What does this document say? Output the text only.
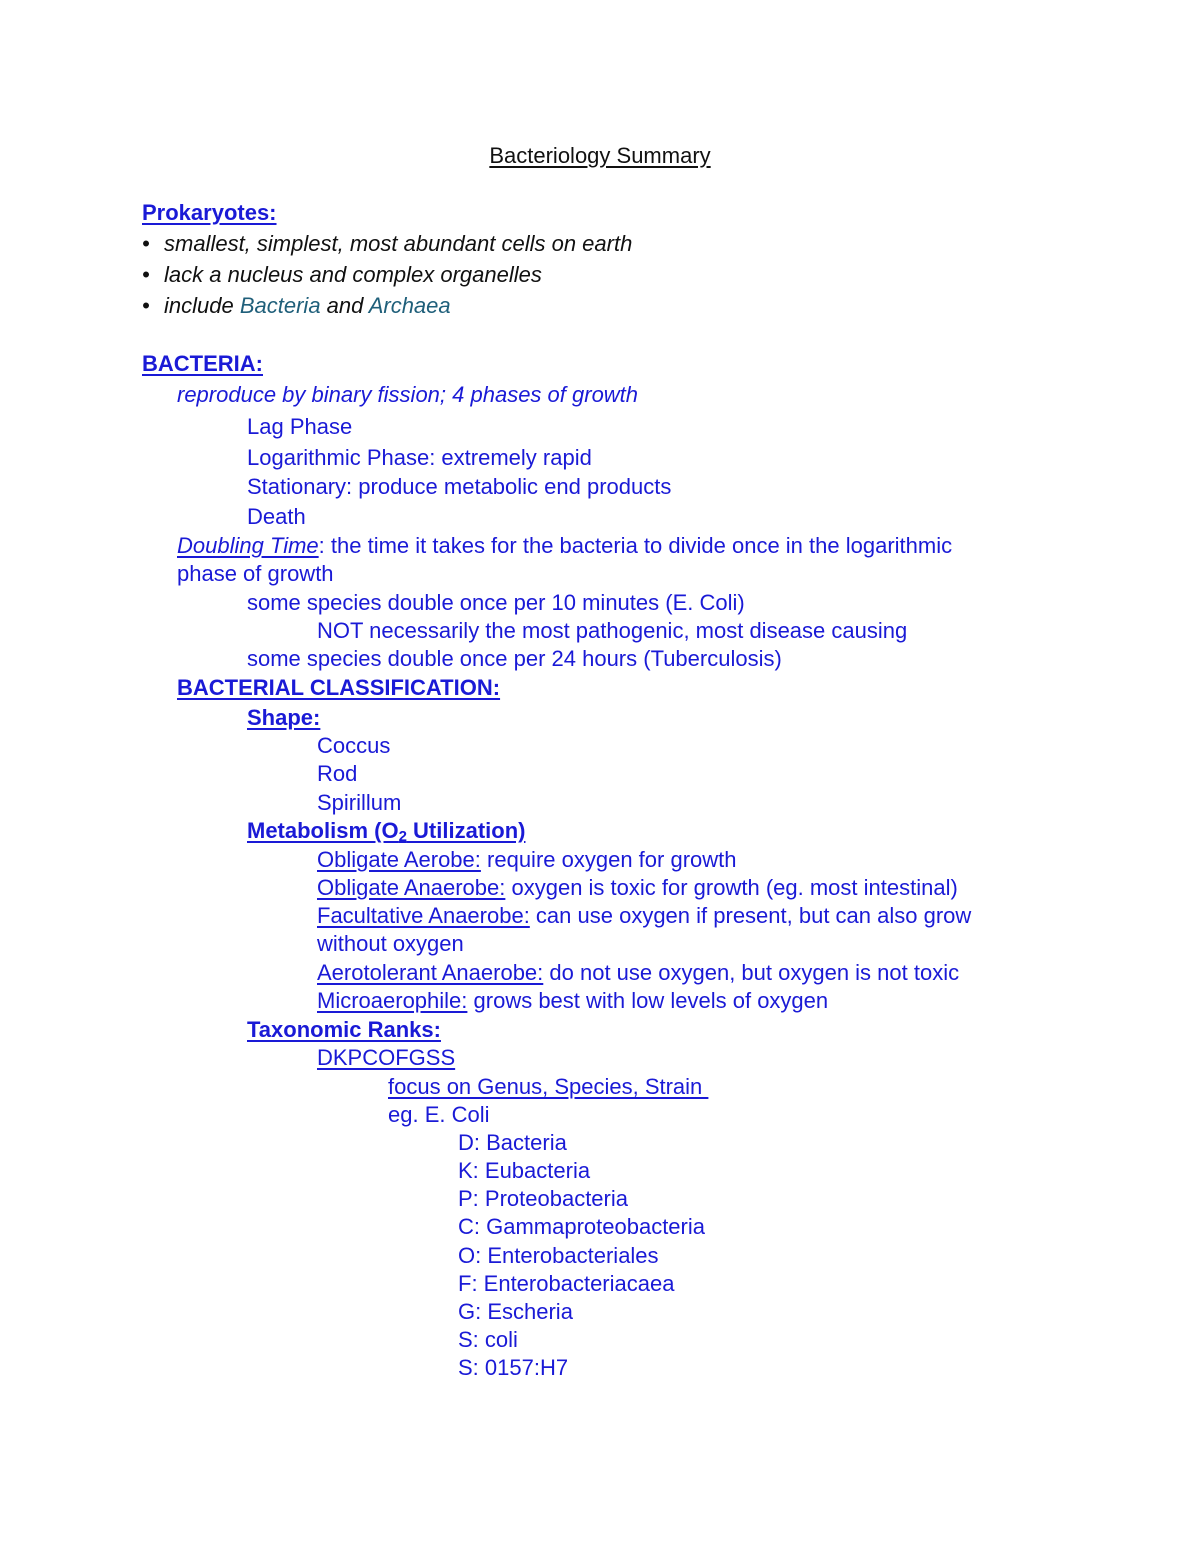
Bacteriology Summary
Prokaryotes:
• smallest, simplest, most abundant cells on earth
• lack a nucleus and complex organelles
• include Bacteria and Archaea
BACTERIA:
reproduce by binary fission; 4 phases of growth
Lag Phase
Logarithmic Phase: extremely rapid
Stationary: produce metabolic end products
Death
Doubling Time: the time it takes for the bacteria to divide once in the logarithmic
phase of growth
some species double once per 10 minutes (E. Coli)
NOT necessarily the most pathogenic, most disease causing
some species double once per 24 hours (Tuberculosis)
BACTERIAL CLASSIFICATION:
Shape:
Coccus
Rod
Spirillum
Metabolism ($O_2$ Utilization)
Obligate Aerobe: require oxygen for growth
Obligate Anaerobe: oxygen is toxic for growth (eg. most intestinal)
Facultative Anaerobe: can use oxygen if present, but can also grow
without oxygen
Aerotolerant Anaerobe: do not use oxygen, but oxygen is not toxic
Microaerophile: grows best with low levels of oxygen
Taxonomic Ranks:
DKPCOFGSS
focus on Genus, Species, Strain
eg. E. Coli
D: Bacteria
K: Eubacteria
P: Proteobacteria
C: Gammaproteobacteria
O: Enterobacteriales
F: Enterobacteriacaea
G: Escheria
S: coli
S: 0157:H7
